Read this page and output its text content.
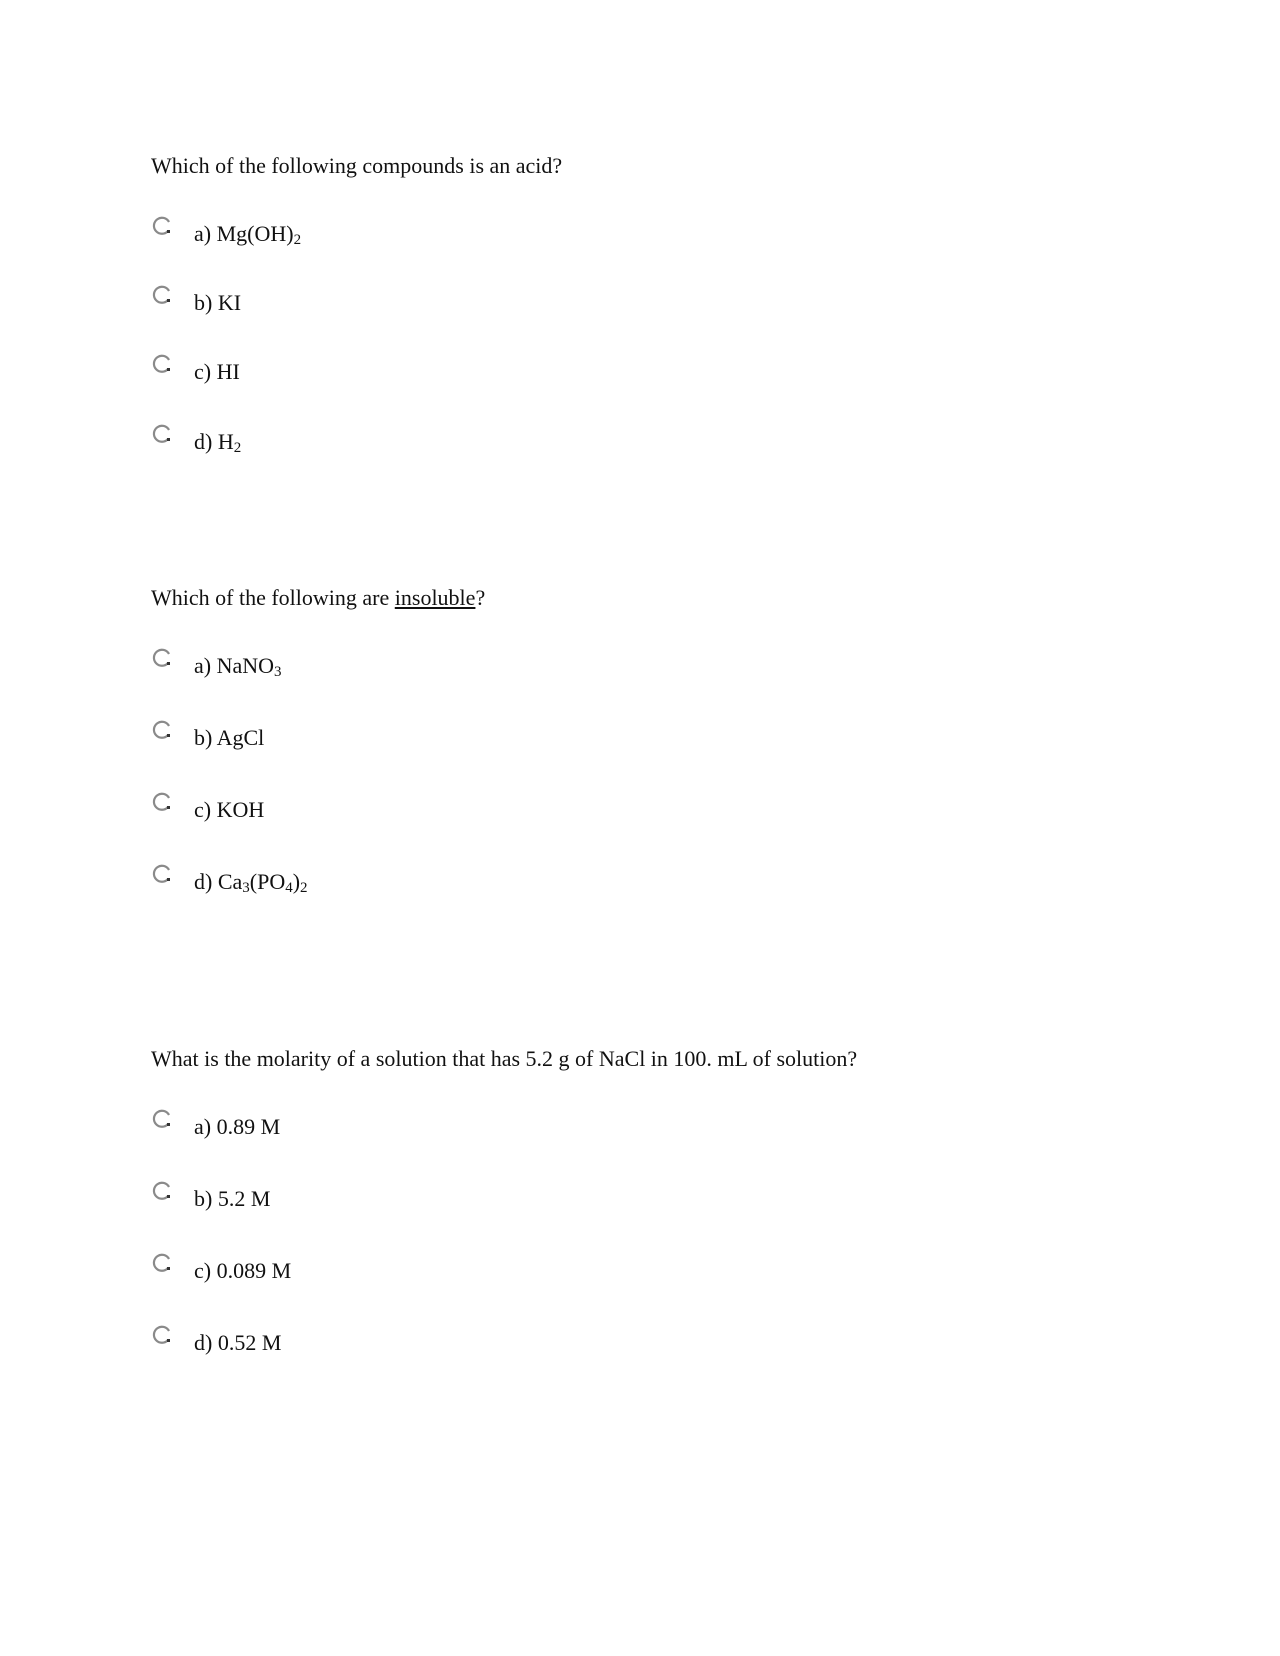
Which of the following compounds is an acid?
a) $Mg(OH)_2$
b) KI
c) HI
d) $H_2$
Which of the following are insoluble?
a) NaNO$_3$
b) AgCl
c) KOH
d) $Ca_3(PO_4)_2$
What is the molarity of a solution that has 5.2 g of NaCl in 100. mL of solution?
a) 0.89 M
b) 5.2 M
c) 0.089 M
d) 0.52 M
